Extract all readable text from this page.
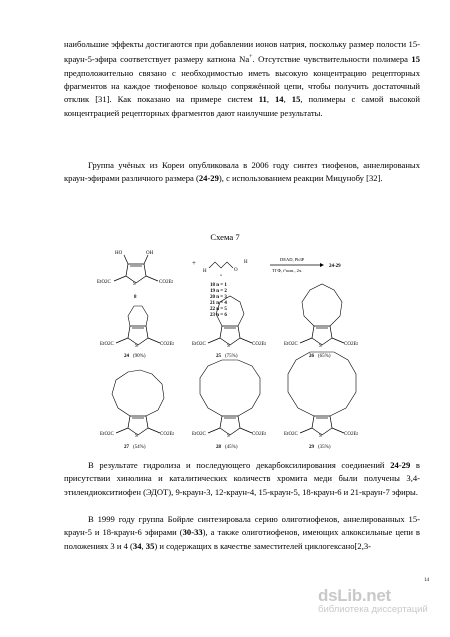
наибольшие эффекты достигаются при добавлении ионов натрия, поскольку размер полости 15-краун-5-эфира соответствует размеру катиона Na+. Отсутствие чувствительности полимера 15 предположительно связано с необходимостью иметь высокую концентрацию рецепторных фрагментов на каждое тиофеновое кольцо сопряжённой цепи, чтобы получить достаточный отклик [31]. Как показано на примере систем 11, 14, 15, полимеры с самой высокой концентрацией рецепторных фрагментов дают наилучшие результаты.

Группа учёных из Кореи опубликовала в 2006 году синтез тиофенов, аннелированых краун-эфирами различного размера (24-29), с использованием реакции Мицунобу [32].

Схема 7
HO	OH
S
EtO2C	CO2Et
8
+
H	O
H
n
18 n = 1
19 n = 2
20 n = 3
21 n = 4
22 n = 5
23 n = 6
DEAD, Ph3P
ТГФ, t°кип., 2ч.
24-29
S
EtO2C	CO2Et
24 (90%)
S
EtO2C	CO2Et
25 (75%)
S
EtO2C	CO2Et
26 (65%)
S
EtO2C	CO2Et
27 (54%)
S
EtO2C	CO2Et
28 (45%)
S
EtO2C	CO2Et
29 (35%)

В результате гидролиза и последующего декарбоксилирования соединений 24-29 в присутствии хинолина и каталитических количеств хромита меди были получены 3,4-этилендиокситиофен (ЭДОТ), 9-краун-3, 12-краун-4, 15-краун-5, 18-краун-6 и 21-краун-7 эфиры.

В 1999 году группа Бойрле синтезировала серию олиготиофенов, аннелированных 15-краун-5 и 18-краун-6 эфирами (30-33), а также олиготиофенов, имеющих алкоксильные цепи в положениях 3 и 4 (34, 35) и содержащих в качестве заместителей циклогексано[2,3-

14
dsLib.net
библиотека диссертаций
